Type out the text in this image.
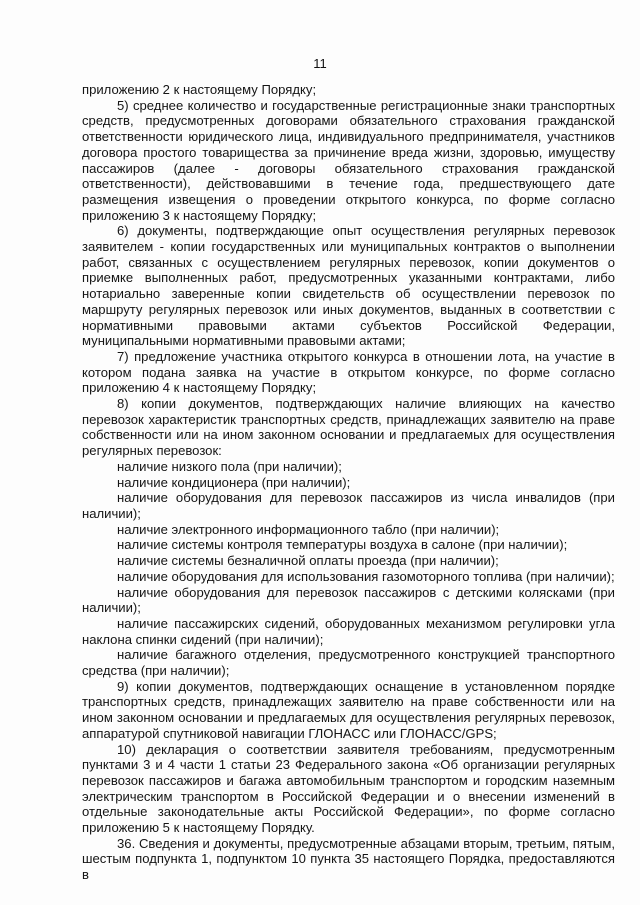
11

приложению 2 к настоящему Порядку;

5) среднее количество и государственные регистрационные знаки транспортных средств, предусмотренных договорами обязательного страхования гражданской ответственности юридического лица, индивидуального предпринимателя, участников договора простого товарищества за причинение вреда жизни, здоровью, имуществу пассажиров (далее - договоры обязательного страхования гражданской ответственности), действовавшими в течение года, предшествующего дате размещения извещения о проведении открытого конкурса, по форме согласно приложению 3 к настоящему Порядку;

6) документы, подтверждающие опыт осуществления регулярных перевозок заявителем - копии государственных или муниципальных контрактов о выполнении работ, связанных с осуществлением регулярных перевозок, копии документов о приемке выполненных работ, предусмотренных указанными контрактами, либо нотариально заверенные копии свидетельств об осуществлении перевозок по маршруту регулярных перевозок или иных документов, выданных в соответствии с нормативными правовыми актами субъектов Российской Федерации, муниципальными нормативными правовыми актами;

7) предложение участника открытого конкурса в отношении лота, на участие в котором подана заявка на участие в открытом конкурсе, по форме согласно приложению 4 к настоящему Порядку;

8) копии документов, подтверждающих наличие влияющих на качество перевозок характеристик транспортных средств, принадлежащих заявителю на праве собственности или на ином законном основании и предлагаемых для осуществления регулярных перевозок:

наличие низкого пола (при наличии);

наличие кондиционера (при наличии);

наличие оборудования для перевозок пассажиров из числа инвалидов (при наличии);

наличие электронного информационного табло (при наличии);

наличие системы контроля температуры воздуха в салоне (при наличии);

наличие системы безналичной оплаты проезда (при наличии);

наличие оборудования для использования газомоторного топлива (при наличии);

наличие оборудования для перевозок пассажиров с детскими колясками (при наличии);

наличие пассажирских сидений, оборудованных механизмом регулировки угла наклона спинки сидений (при наличии);

наличие багажного отделения, предусмотренного конструкцией транспортного средства (при наличии);

9) копии документов, подтверждающих оснащение в установленном порядке транспортных средств, принадлежащих заявителю на праве собственности или на ином законном основании и предлагаемых для осуществления регулярных перевозок, аппаратурой спутниковой навигации ГЛОНАСС или ГЛОНАСС/GPS;

10) декларация о соответствии заявителя требованиям, предусмотренным пунктами 3 и 4 части 1 статьи 23 Федерального закона «Об организации регулярных перевозок пассажиров и багажа автомобильным транспортом и городским наземным электрическим транспортом в Российской Федерации и о внесении изменений в отдельные законодательные акты Российской Федерации», по форме согласно приложению 5 к настоящему Порядку.

36. Сведения и документы, предусмотренные абзацами вторым, третьим, пятым, шестым подпункта 1, подпунктом 10 пункта 35 настоящего Порядка, предоставляются в
